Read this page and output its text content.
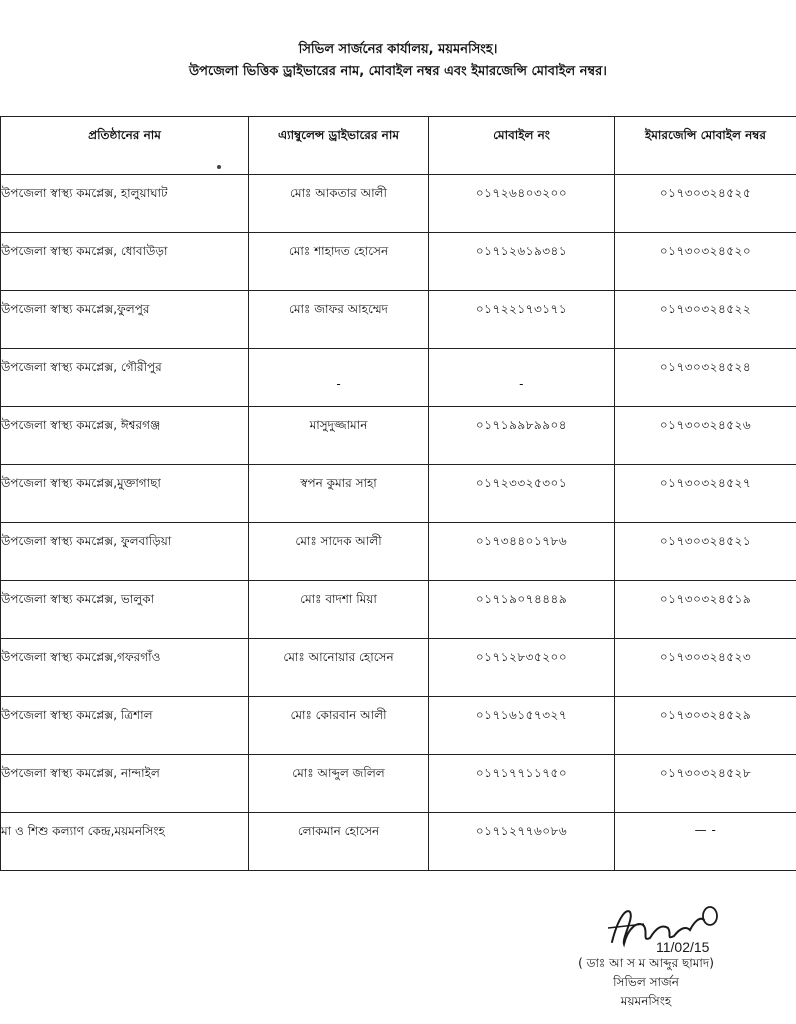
সিভিল সার্জনের কার্যালয়, ময়মনসিংহ।
উপজেলা ভিত্তিক ড্রাইভারের নাম, মোবাইল নম্বর এবং ইমারজেন্সি মোবাইল নম্বর।
প্রতিষ্ঠানের নাম	এ্যাম্বুলেন্স ড্রাইভারের নাম	মোবাইল নং	ইমারজেন্সি মোবাইল নম্বর
উপজেলা স্বাস্থ্য কমপ্লেক্স, হালুয়াঘাট	মোঃ আকতার আলী	০১৭২৬৪০৩২০০	০১৭৩০৩২৪৫২৫
উপজেলা স্বাস্থ্য কমপ্লেক্স, ধোবাউড়া	মোঃ শাহাদত হোসেন	০১৭১২৬১৯৩৪১	০১৭৩০৩২৪৫২০
উপজেলা স্বাস্থ্য কমপ্লেক্স,ফুলপুর	মোঃ জাফর আহম্মেদ	০১৭২২১৭৩১৭১	০১৭৩০৩২৪৫২২
উপজেলা স্বাস্থ্য কমপ্লেক্স, গৌরীপুর	-	-	০১৭৩০৩২৪৫২৪
উপজেলা স্বাস্থ্য কমপ্লেক্স, ঈশ্বরগঞ্জ	মাসুদুজ্জামান	০১৭১৯৯৮৯৯০৪	০১৭৩০৩২৪৫২৬
উপজেলা স্বাস্থ্য কমপ্লেক্স,মুক্তাগাছা	স্বপন কুমার সাহা	০১৭২৩৩২৫৩০১	০১৭৩০৩২৪৫২৭
উপজেলা স্বাস্থ্য কমপ্লেক্স, ফুলবাড়িয়া	মোঃ সাদেক আলী	০১৭৩৪৪০১৭৮৬	০১৭৩০৩২৪৫২১
উপজেলা স্বাস্থ্য কমপ্লেক্স, ভালুকা	মোঃ বাদশা মিয়া	০১৭১৯০৭৪৪৪৯	০১৭৩০৩২৪৫১৯
উপজেলা স্বাস্থ্য কমপ্লেক্স,গফরগাঁও	মোঃ আনোয়ার হোসেন	০১৭১২৮৩৫২০০	০১৭৩০৩২৪৫২৩
উপজেলা স্বাস্থ্য কমপ্লেক্স, ত্রিশাল	মোঃ কোরবান আলী	০১৭১৬১৫৭৩২৭	০১৭৩০৩২৪৫২৯
উপজেলা স্বাস্থ্য কমপ্লেক্স, নান্দাইল	মোঃ আব্দুল জলিল	০১৭১৭৭১১৭৫০	০১৭৩০৩২৪৫২৮
মা ও শিশু কল্যাণ কেন্দ্র,ময়মনসিংহ	লোকমান হোসেন	০১৭১২৭৭৬০৮৬	— -
11/02/15
( ডাঃ আ স ম আব্দুর ছামাদ)
সিভিল সার্জন
ময়মনসিংহ
